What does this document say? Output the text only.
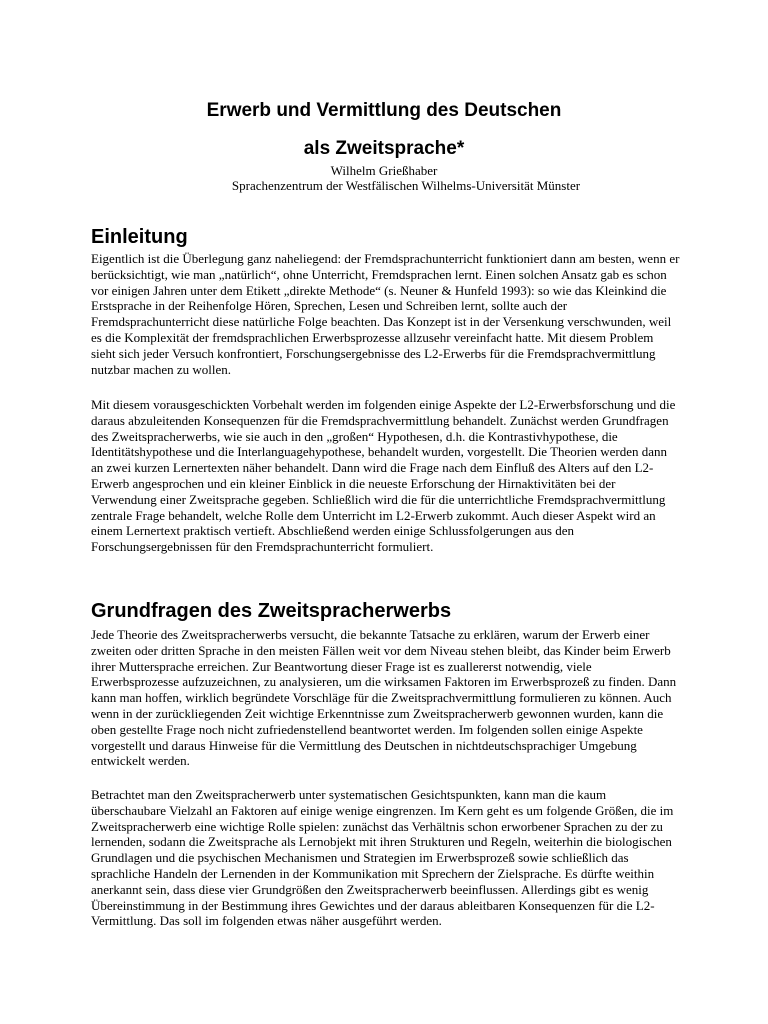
Erwerb und Vermittlung des Deutschen
als Zweitsprache*
Wilhelm Grießhaber
Sprachenzentrum der Westfälischen Wilhelms-Universität Münster
Einleitung

Eigentlich ist die Überlegung ganz naheliegend: der Fremdsprachunterricht funktioniert dann am besten, wenn er berücksichtigt, wie man „natürlich“, ohne Unterricht, Fremdsprachen lernt. Einen solchen Ansatz gab es schon vor einigen Jahren unter dem Etikett „direkte Methode“ (s. Neuner & Hunfeld 1993): so wie das Kleinkind die Erstsprache in der Reihenfolge Hören, Sprechen, Lesen und Schreiben lernt, sollte auch der Fremdsprachunterricht diese natürliche Folge beachten. Das Konzept ist in der Versenkung verschwunden, weil es die Komplexität der fremdsprachlichen Erwerbsprozesse allzusehr vereinfacht hatte. Mit diesem Problem sieht sich jeder Versuch konfrontiert, Forschungsergebnisse des L2-Erwerbs für die Fremdsprachvermittlung nutzbar machen zu wollen.

Mit diesem vorausgeschickten Vorbehalt werden im folgenden einige Aspekte der L2-Erwerbsforschung und die daraus abzuleitenden Konsequenzen für die Fremdsprachvermittlung behandelt. Zunächst werden Grundfragen des Zweitspracherwerbs, wie sie auch in den „großen“ Hypothesen, d.h. die Kontrastivhypothese, die Identitätshypothese und die Interlanguagehypothese, behandelt wurden, vorgestellt. Die Theorien werden dann an zwei kurzen Lernertexten näher behandelt. Dann wird die Frage nach dem Einfluß des Alters auf den L2-Erwerb angesprochen und ein kleiner Einblick in die neueste Erforschung der Hirnaktivitäten bei der Verwendung einer Zweitsprache gegeben. Schließlich wird die für die unterrichtliche Fremdsprachvermittlung zentrale Frage behandelt, welche Rolle dem Unterricht im L2-Erwerb zukommt. Auch dieser Aspekt wird an einem Lernertext praktisch vertieft. Abschließend werden einige Schlussfolgerungen aus den Forschungsergebnissen für den Fremdsprachunterricht formuliert.

Grundfragen des Zweitspracherwerbs

Jede Theorie des Zweitspracherwerbs versucht, die bekannte Tatsache zu erklären, warum der Erwerb einer zweiten oder dritten Sprache in den meisten Fällen weit vor dem Niveau stehen bleibt, das Kinder beim Erwerb ihrer Muttersprache erreichen. Zur Beantwortung dieser Frage ist es zuallererst notwendig, viele Erwerbsprozesse aufzuzeichnen, zu analysieren, um die wirksamen Faktoren im Erwerbsprozeß zu finden. Dann kann man hoffen, wirklich begründete Vorschläge für die Zweitsprachvermittlung formulieren zu können. Auch wenn in der zurückliegenden Zeit wichtige Erkenntnisse zum Zweitspracherwerb gewonnen wurden, kann die oben gestellte Frage noch nicht zufriedenstellend beantwortet werden. Im folgenden sollen einige Aspekte vorgestellt und daraus Hinweise für die Vermittlung des Deutschen in nichtdeutschsprachiger Umgebung entwickelt werden.

Betrachtet man den Zweitspracherwerb unter systematischen Gesichtspunkten, kann man die kaum überschaubare Vielzahl an Faktoren auf einige wenige eingrenzen. Im Kern geht es um folgende Größen, die im Zweitspracherwerb eine wichtige Rolle spielen: zunächst das Verhältnis schon erworbener Sprachen zu der zu lernenden, sodann die Zweitsprache als Lernobjekt mit ihren Strukturen und Regeln, weiterhin die biologischen Grundlagen und die psychischen Mechanismen und Strategien im Erwerbsprozeß sowie schließlich das sprachliche Handeln der Lernenden in der Kommunikation mit Sprechern der Zielsprache. Es dürfte weithin anerkannt sein, dass diese vier Grundgrößen den Zweitspracherwerb beeinflussen. Allerdings gibt es wenig Übereinstimmung in der Bestimmung ihres Gewichtes und der daraus ableitbaren Konsequenzen für die L2-Vermittlung. Das soll im folgenden etwas näher ausgeführt werden.
